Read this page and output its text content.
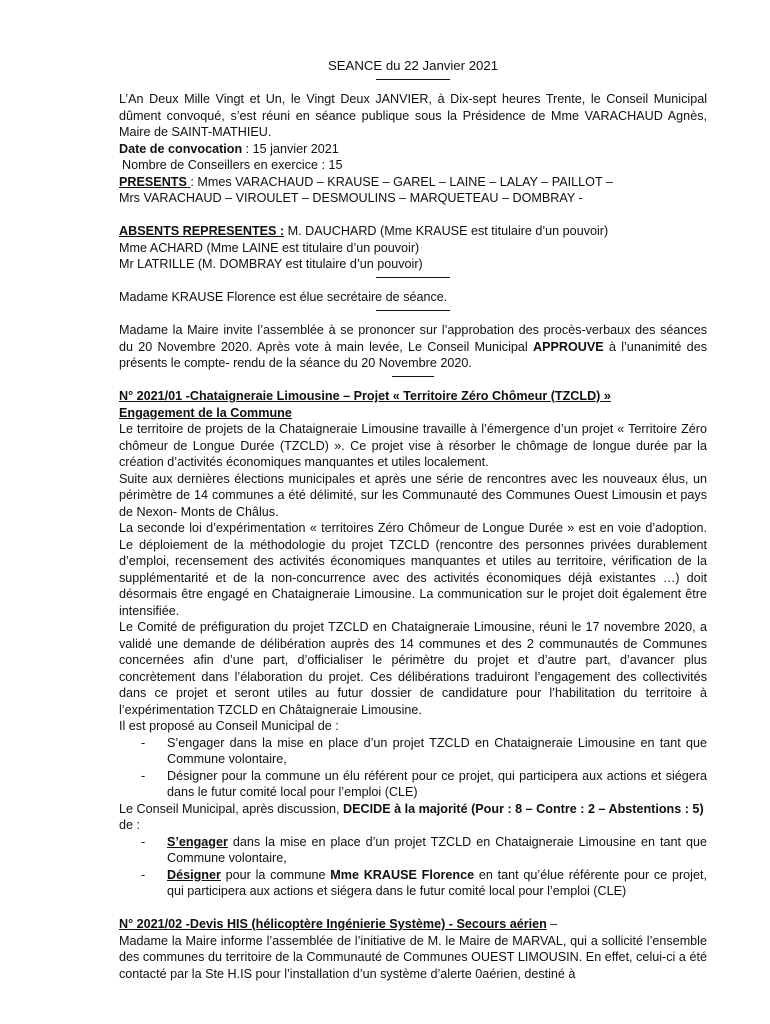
SEANCE du 22 Janvier 2021

L’An Deux Mille Vingt et Un, le Vingt Deux JANVIER, à Dix-sept heures Trente, le Conseil Municipal dûment convoqué, s’est réuni en séance publique sous la Présidence de Mme VARACHAUD Agnès, Maire de SAINT-MATHIEU.

Date de convocation : 15 janvier 2021

Nombre de Conseillers en exercice : 15

PRESENTS : Mmes VARACHAUD – KRAUSE – GAREL – LAINE – LALAY – PAILLOT –

Mrs VARACHAUD – VIROULET – DESMOULINS – MARQUETEAU – DOMBRAY -

ABSENTS REPRESENTES : M. DAUCHARD (Mme KRAUSE est titulaire d’un pouvoir)

Mme ACHARD (Mme LAINE est titulaire d’un pouvoir)

Mr LATRILLE (M. DOMBRAY est titulaire d’un pouvoir)

Madame KRAUSE Florence est élue secrétaire de séance.

Madame la Maire invite l’assemblée à se prononcer sur l’approbation des procès-verbaux des séances du 20 Novembre 2020. Après vote à main levée, Le Conseil Municipal APPROUVE à l’unanimité des présents le compte- rendu de la séance du 20 Novembre 2020.

N° 2021/01 -Chataigneraie Limousine – Projet « Territoire Zéro Chômeur (TZCLD) »

Engagement de la Commune

Le territoire de projets de la Chataigneraie Limousine travaille à l’émergence d’un projet « Territoire Zéro chômeur de Longue Durée (TZCLD) ». Ce projet vise à résorber le chômage de longue durée par la création d’activités économiques manquantes et utiles localement.

Suite aux dernières élections municipales et après une série de rencontres avec les nouveaux élus, un périmètre de 14 communes a été délimité, sur les Communauté des Communes Ouest Limousin et pays de Nexon- Monts de Châlus.

La seconde loi d’expérimentation « territoires Zéro Chômeur de Longue Durée » est en voie d’adoption. Le déploiement de la méthodologie du projet TZCLD (rencontre des personnes privées durablement d’emploi, recensement des activités économiques manquantes et utiles au territoire, vérification de la supplémentarité et de la non-concurrence avec des activités économiques déjà existantes …) doit désormais être engagé en Chataigneraie Limousine. La communication sur le projet doit également être intensifiée.

Le Comité de préfiguration du projet TZCLD en Chataigneraie Limousine, réuni le 17 novembre 2020, a validé une demande de délibération auprès des 14 communes et des 2 communautés de Communes concernées afin d’une part, d’officialiser le périmètre du projet et d’autre part, d’avancer plus concrètement dans l’élaboration du projet. Ces délibérations traduiront l’engagement des collectivités dans ce projet et seront utiles au futur dossier de candidature pour l’habilitation du territoire à l’expérimentation TZCLD en Châtaigneraie Limousine.

Il est proposé au Conseil Municipal de :

- S’engager dans la mise en place d’un projet TZCLD en Chataigneraie Limousine en tant que Commune volontaire,
- Désigner pour la commune un élu référent pour ce projet, qui participera aux actions et siégera dans le futur comité local pour l’emploi (CLE)

Le Conseil Municipal, après discussion, DECIDE à la majorité (Pour : 8 – Contre : 2 – Abstentions : 5) de :

- S’engager dans la mise en place d’un projet TZCLD en Chataigneraie Limousine en tant que Commune volontaire,
- Désigner pour la commune Mme KRAUSE Florence en tant qu’élue référente pour ce projet, qui participera aux actions et siégera dans le futur comité local pour l’emploi (CLE)

N° 2021/02 -Devis HIS (hélicoptère Ingénierie Système) - Secours aérien –

Madame la Maire informe l’assemblée de l’initiative de M. le Maire de MARVAL, qui a sollicité l’ensemble des communes du territoire de la Communauté de Communes OUEST LIMOUSIN. En effet, celui-ci a été contacté par la Ste H.IS pour l’installation d’un système d’alerte 0aérien, destiné à
